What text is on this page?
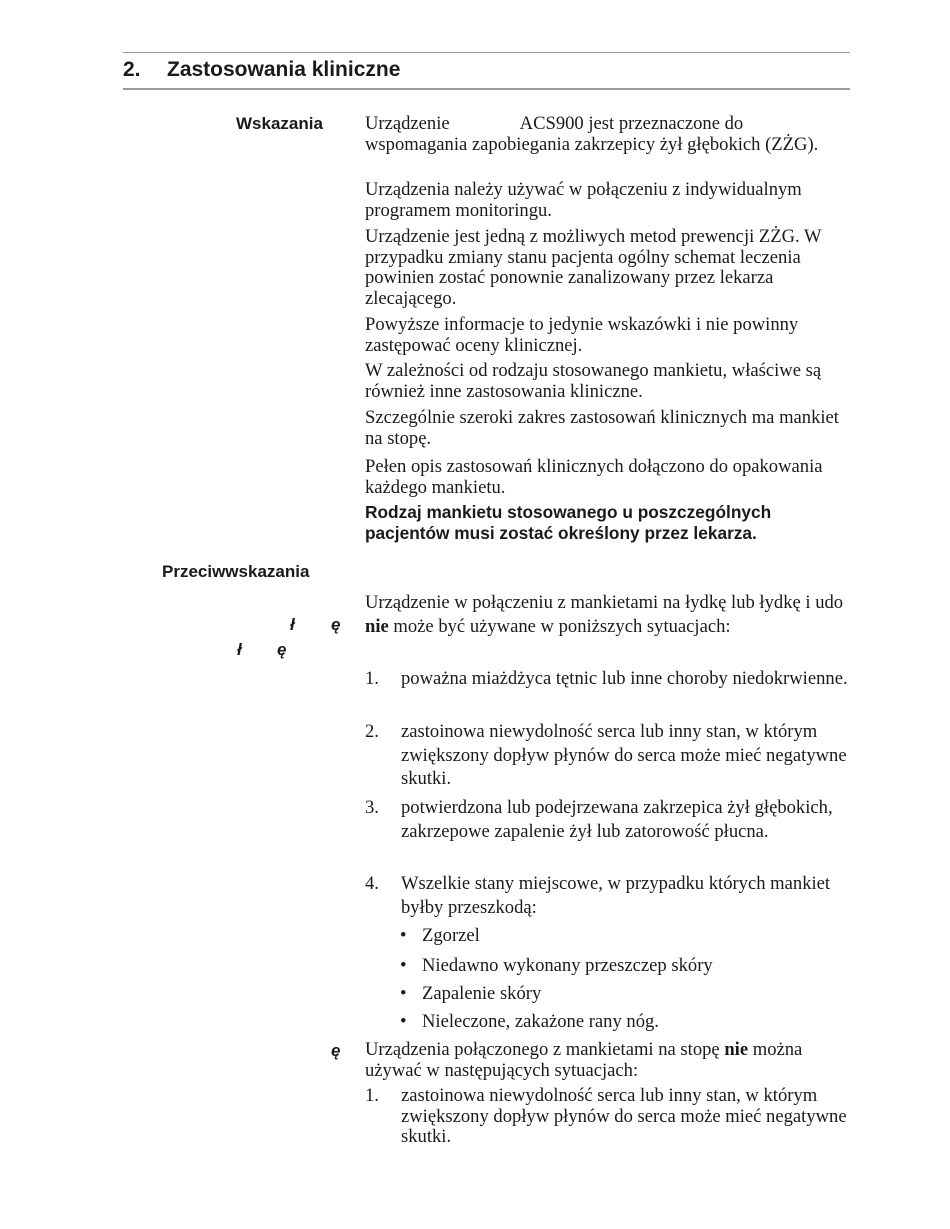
2. Zastosowania kliniczne
Wskazania Urządzenie	ACS900 jest przeznaczone do wspomagania zapobiegania zakrzepicy żył głębokich (ZŻG).
Urządzenia należy używać w połączeniu z indywidualnym programem monitoringu.
Urządzenie jest jedną z możliwych metod prewencji ZŻG. W przypadku zmiany stanu pacjenta ogólny schemat leczenia powinien zostać ponownie zanalizowany przez lekarza zlecającego.
Powyższe informacje to jedynie wskazówki i nie powinny zastępować oceny klinicznej.
W zależności od rodzaju stosowanego mankietu, właściwe są również inne zastosowania kliniczne.
Szczególnie szeroki zakres zastosowań klinicznych ma mankiet na stopę.
Pełen opis zastosowań klinicznych dołączono do opakowania każdego mankietu.
Rodzaj mankietu stosowanego u poszczególnych pacjentów musi zostać określony przez lekarza.
Przeciwwskazania
ł ę
ł ę
ę
Urządzenie w połączeniu z mankietami na łydkę lub łydkę i udo nie może być używane w poniższych sytuacjach:
1. poważna miażdżyca tętnic lub inne choroby niedokrwienne.
2. zastoinowa niewydolność serca lub inny stan, w którym zwiększony dopływ płynów do serca może mieć negatywne skutki.
3. potwierdzona lub podejrzewana zakrzepica żył głębokich, zakrzepowe zapalenie żył lub zatorowość płucna.
4. Wszelkie stany miejscowe, w przypadku których mankiet byłby przeszkodą:
• Zgorzel
• Niedawno wykonany przeszczep skóry
• Zapalenie skóry
• Nieleczone, zakażone rany nóg.
Urządzenia połączonego z mankietami na stopę nie można używać w następujących sytuacjach:
1. zastoinowa niewydolność serca lub inny stan, w którym zwiększony dopływ płynów do serca może mieć negatywne skutki.
